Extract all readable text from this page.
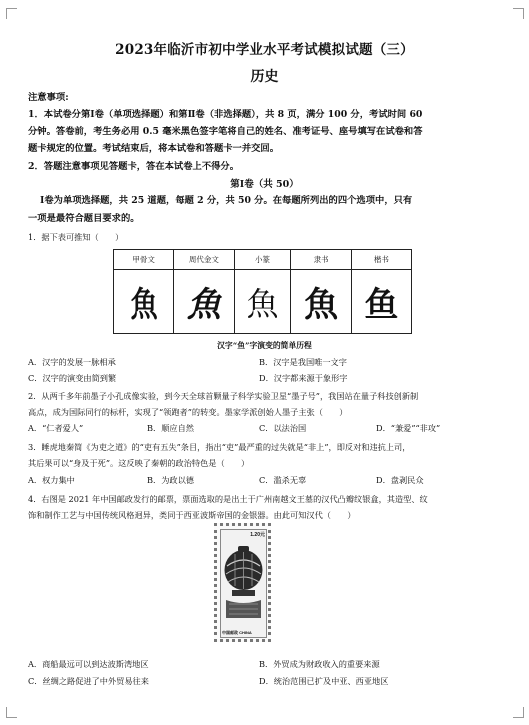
2023年临沂市初中学业水平考试模拟试题（三）
历史
注意事项:
1．本试卷分第Ⅰ卷（单项选择题）和第Ⅱ卷（非选择题），共 8 页，满分 100 分，考试时间 60
分钟。答卷前，考生务必用 0.5 毫米黑色签字笔将自己的姓名、准考证号、座号填写在试卷和答
题卡规定的位置。考试结束后，将本试卷和答题卡一并交回。
2．答题注意事项见答题卡，答在本试卷上不得分。
第Ⅰ卷（共 50）
Ⅰ卷为单项选择题，共 25 道题，每题 2 分，共 50 分。在每题所列出的四个选项中，只有
一项是最符合题目要求的。
1．据下表可推知（　　）
甲骨文	周代金文	小篆	隶书	楷书
魚	魚	魚	魚	鱼
汉字“鱼”字演变的简单历程
A．汉字的发展一脉相承	B．汉字是我国唯一文字
C．汉字的演变由简到繁	D．汉字都来源于象形字
2．从两千多年前墨子小孔成像实验，到今天全球首颗量子科学实验卫星“墨子号”，我国站在量子科技创新制
高点，成为国际同行的标杆，实现了“领跑者”的转变。墨家学派创始人墨子主张（　　）
A．“仁者爱人”	B．顺应自然	C．以法治国	D．“兼爱”“非攻”
3．睡虎地秦简《为吏之道》的“吏有五失”条目，指出“吏”最严重的过失就是“非上”，即反对和违抗上司，
其后果可以“身及于死”。这反映了秦朝的政治特色是（　　）
A．权力集中	B．为政以德	C．滥杀无辜	D．盘剥民众
4．右图是 2021 年中国邮政发行的邮票，票面选取的是出土于广州南越文王墓的汉代凸瓣纹银盒，其造型、纹
饰和制作工艺与中国传统风格迥异，类同于西亚波斯帝国的金银器。由此可知汉代（　　）
1.20元
中国邮政 CHINA
A．商船最远可以到达波斯湾地区	B．外贸成为财政收入的重要来源
C．丝绸之路促进了中外贸易往来	D．统治范围已扩及中亚、西亚地区
